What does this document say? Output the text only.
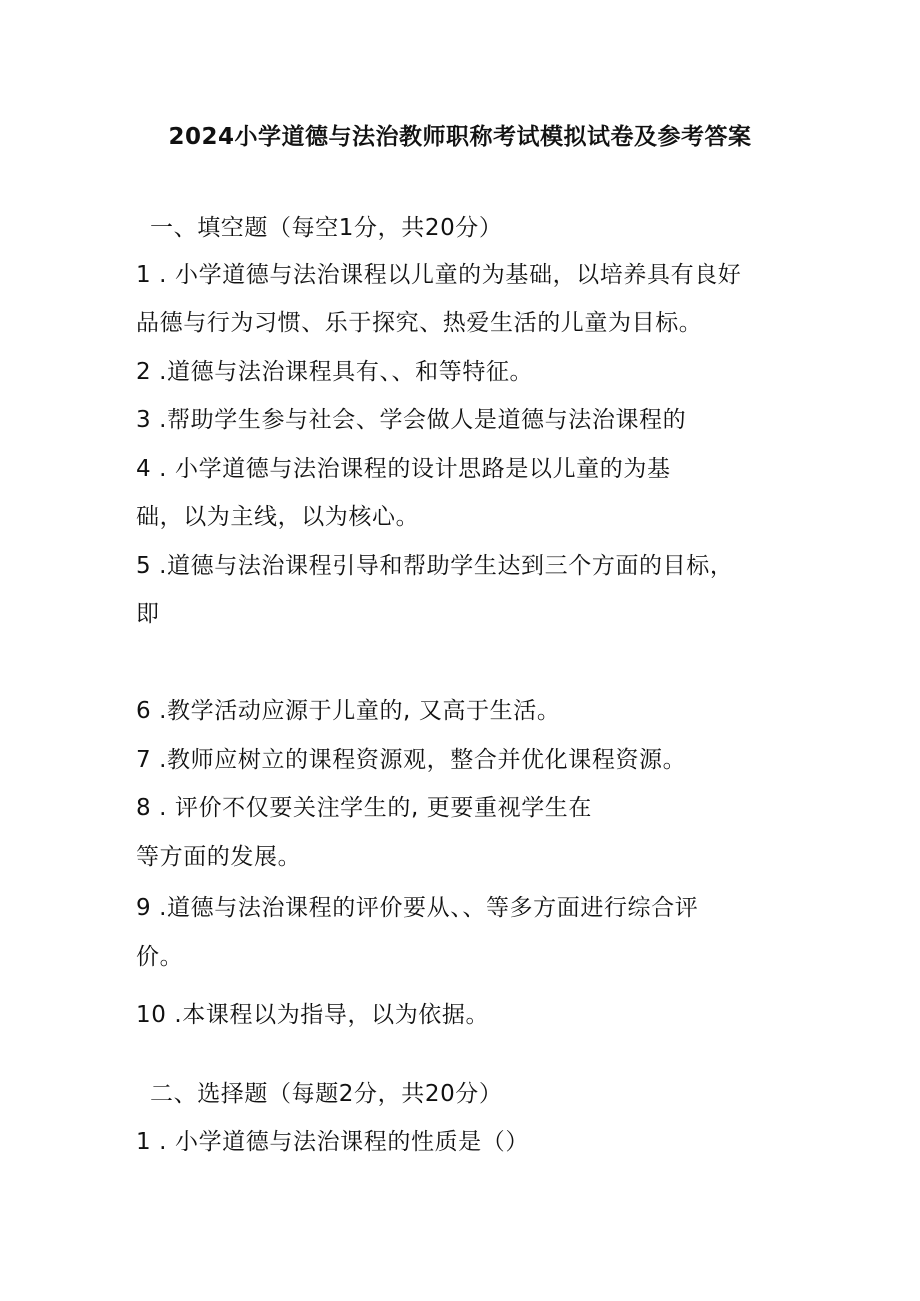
2024小学道德与法治教师职称考试模拟试卷及参考答案
一、填空题（每空1分，共20分）
1 . 小学道德与法治课程以儿童的为基础，以培养具有良好
品德与行为习惯、乐于探究、热爱生活的儿童为目标。
2 .道德与法治课程具有、、和等特征。
3 .帮助学生参与社会、学会做人是道德与法治课程的
4 . 小学道德与法治课程的设计思路是以儿童的为基
础，以为主线，以为核心。
5 .道德与法治课程引导和帮助学生达到三个方面的目标，
即
6 .教学活动应源于儿童的, 又高于生活。
7 .教师应树立的课程资源观，整合并优化课程资源。
8 . 评价不仅要关注学生的, 更要重视学生在
等方面的发展。
9 .道德与法治课程的评价要从、、等多方面进行综合评
价。
10 .本课程以为指导，以为依据。
二、选择题（每题2分，共20分）
1 . 小学道德与法治课程的性质是（）
